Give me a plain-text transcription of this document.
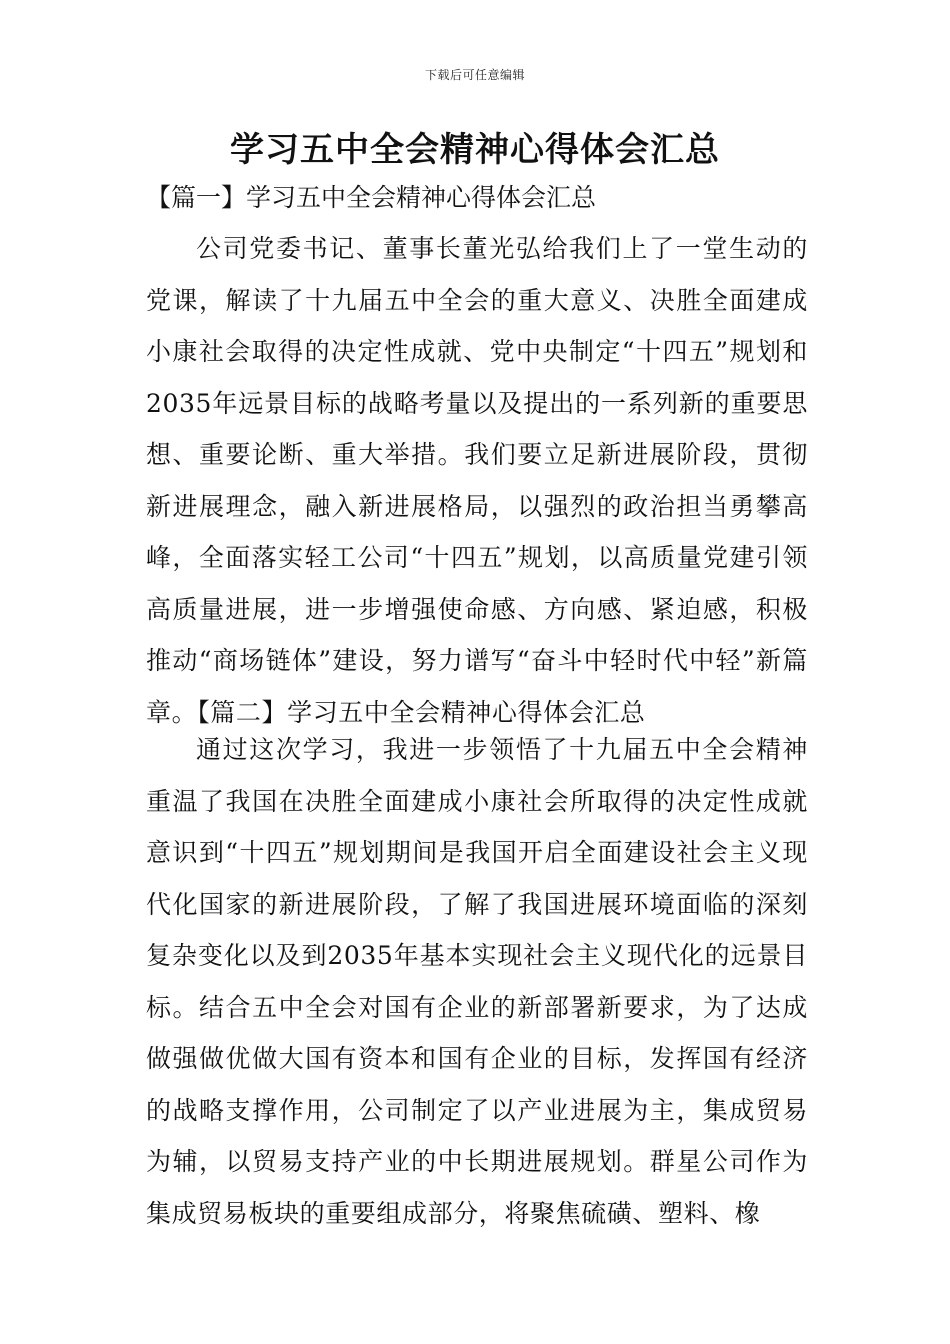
下载后可任意编辑
学习五中全会精神心得体会汇总

【篇一】学习五中全会精神心得体会汇总

公司党委书记、董事长董光弘给我们上了一堂生动的党课，解读了十九届五中全会的重大意义、决胜全面建成小康社会取得的决定性成就、党中央制定“十四五”规划和2035年远景目标的战略考量以及提出的一系列新的重要思想、重要论断、重大举措。我们要立足新进展阶段，贯彻新进展理念，融入新进展格局，以强烈的政治担当勇攀高峰，全面落实轻工公司“十四五”规划，以高质量党建引领高质量进展，进一步增强使命感、方向感、紧迫感，积极推动“商场链体”建设，努力谱写“奋斗中轻时代中轻”新篇章。【篇二】学习五中全会精神心得体会汇总

通过这次学习，我进一步领悟了十九届五中全会精神重温了我国在决胜全面建成小康社会所取得的决定性成就意识到“十四五”规划期间是我国开启全面建设社会主义现代化国家的新进展阶段，了解了我国进展环境面临的深刻复杂变化以及到2035年基本实现社会主义现代化的远景目标。结合五中全会对国有企业的新部署新要求，为了达成做强做优做大国有资本和国有企业的目标，发挥国有经济的战略支撑作用，公司制定了以产业进展为主，集成贸易为辅，以贸易支持产业的中长期进展规划。群星公司作为集成贸易板块的重要组成部分，将聚焦硫磺、塑料、橡
